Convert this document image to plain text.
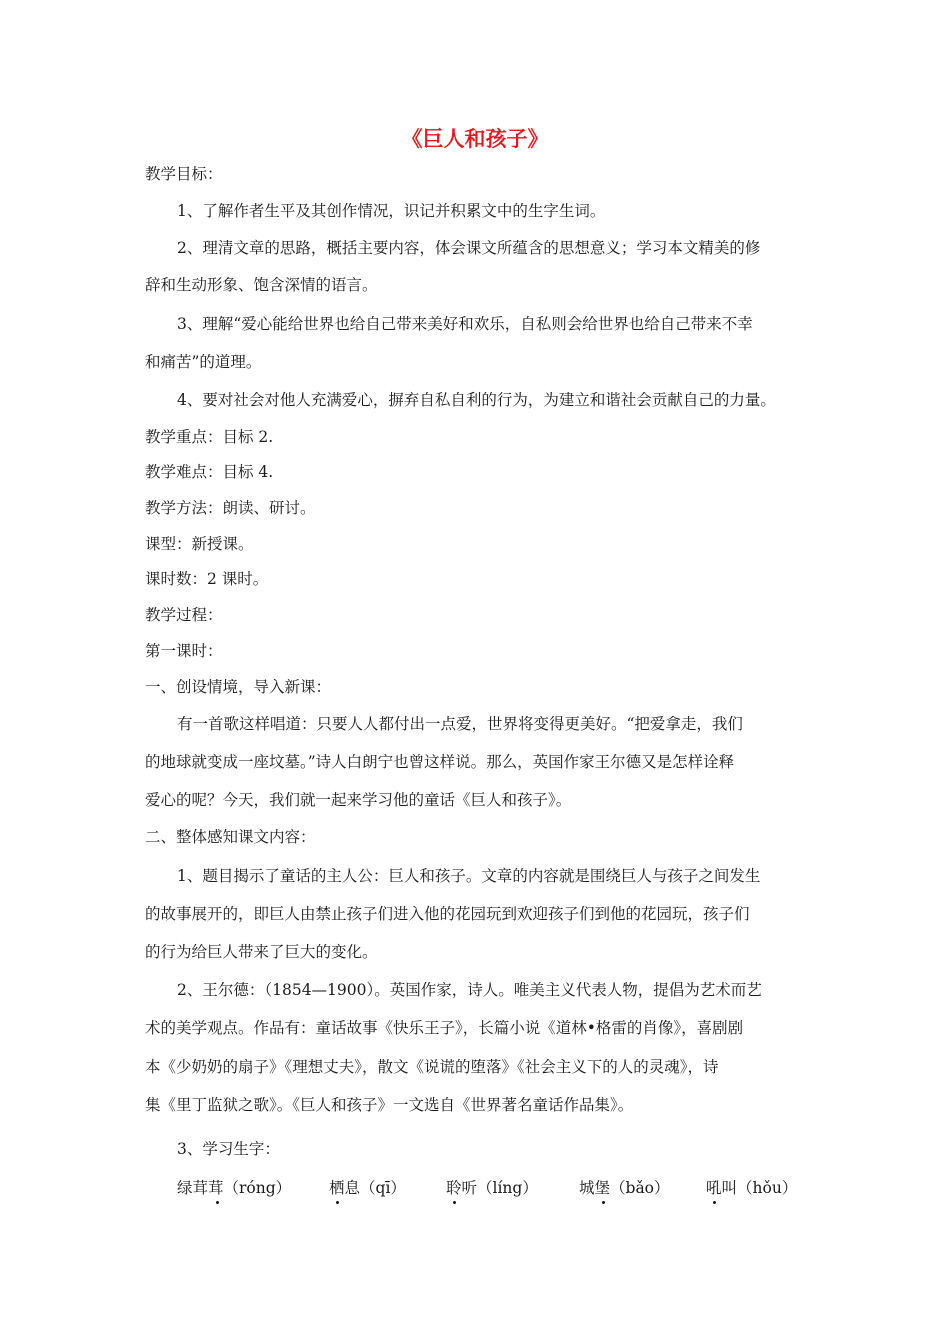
《巨人和孩子》
教学目标：
1、了解作者生平及其创作情况，识记并积累文中的生字生词。
2、理清文章的思路，概括主要内容，体会课文所蕴含的思想意义；学习本文精美的修
辞和生动形象、饱含深情的语言。
3、理解“爱心能给世界也给自己带来美好和欢乐，自私则会给世界也给自己带来不幸
和痛苦”的道理。
4、要对社会对他人充满爱心，摒弃自私自利的行为，为建立和谐社会贡献自己的力量。
教学重点：目标 2.
教学难点：目标 4.
教学方法：朗读、研讨。
课型：新授课。
课时数：2 课时。
教学过程：
第一课时：
一、创设情境，导入新课：
有一首歌这样唱道：只要人人都付出一点爱，世界将变得更美好。“把爱拿走，我们
的地球就变成一座坟墓。”诗人白朗宁也曾这样说。那么，英国作家王尔德又是怎样诠释
爱心的呢？今天，我们就一起来学习他的童话《巨人和孩子》。
二、整体感知课文内容：
1、题目揭示了童话的主人公：巨人和孩子。文章的内容就是围绕巨人与孩子之间发生
的故事展开的，即巨人由禁止孩子们进入他的花园玩到欢迎孩子们到他的花园玩，孩子们
的行为给巨人带来了巨大的变化。
2、王尔德：（1854—1900）。英国作家，诗人。唯美主义代表人物，提倡为艺术而艺
术的美学观点。作品有：童话故事《快乐王子》，长篇小说《道林•格雷的肖像》，喜剧剧
本《少奶奶的扇子》《理想丈夫》，散文《说谎的堕落》《社会主义下的人的灵魂》，诗
集《里丁监狱之歌》。《巨人和孩子》一文选自《世界著名童话作品集》。
3、学习生字：
绿茸茸（róng） 栖息（qī）	聆听（líng）	城堡（bǎo） 吼叫（hǒu）
